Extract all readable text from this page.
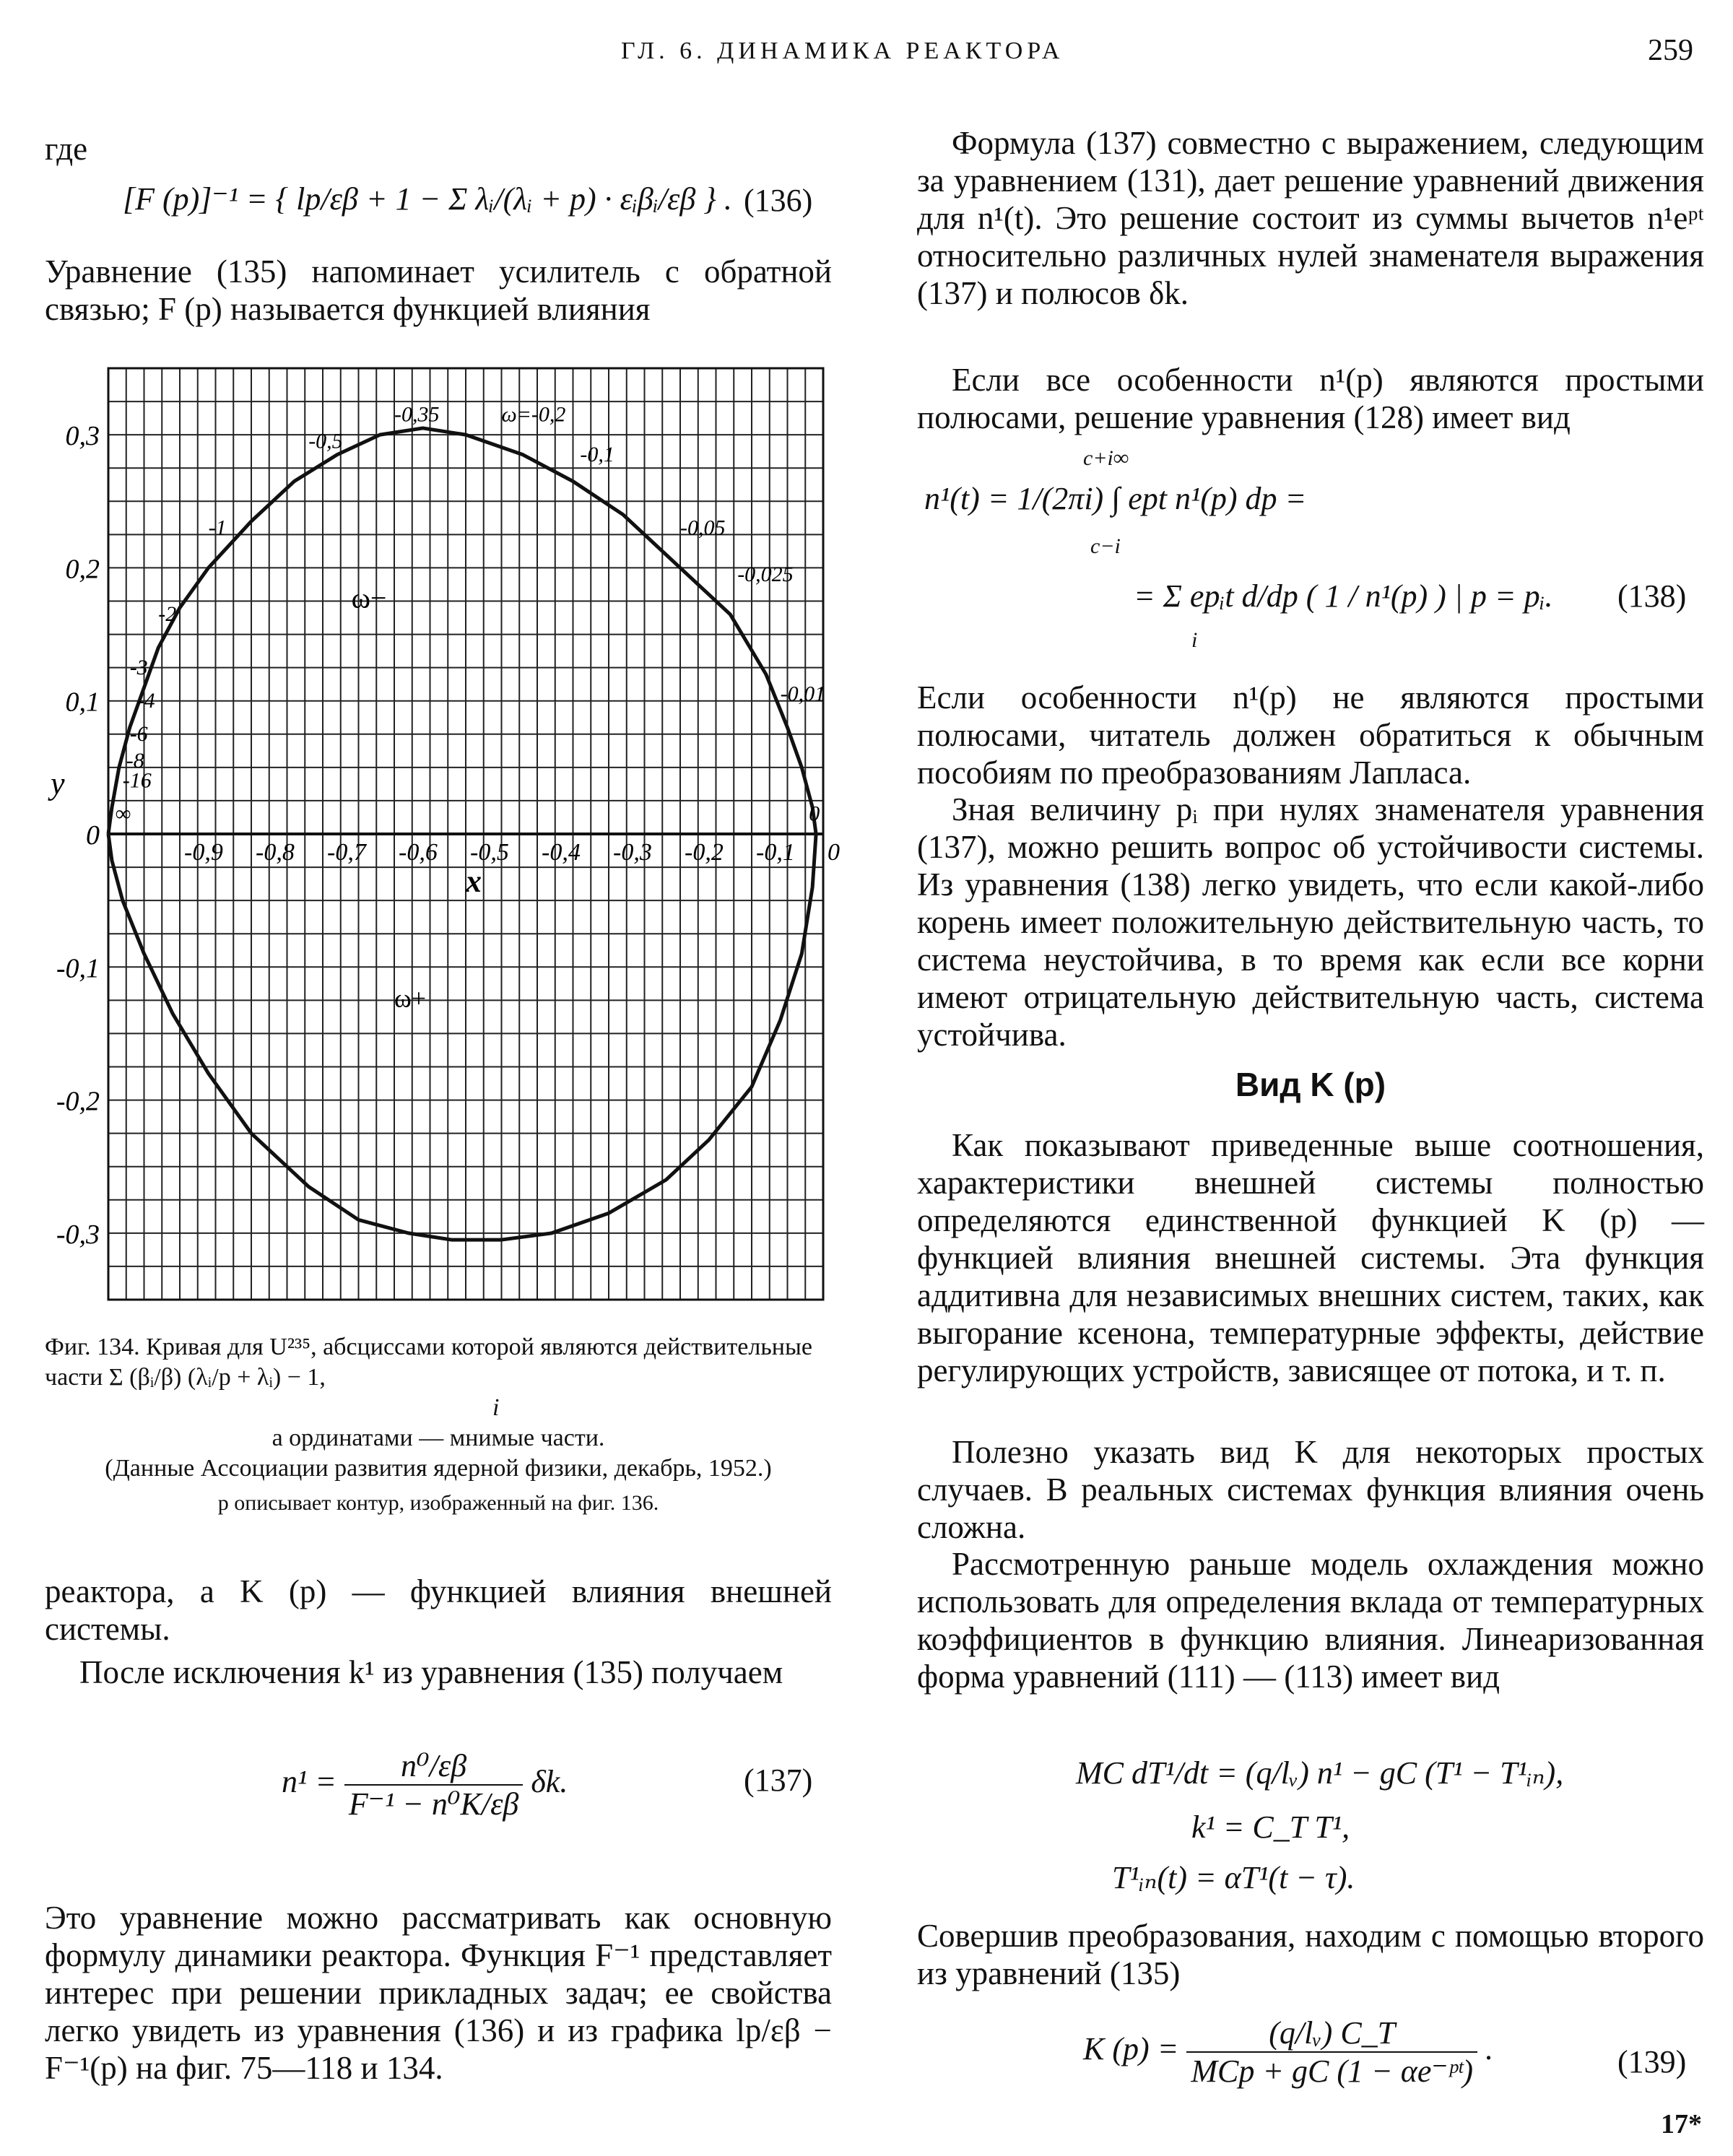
ГЛ. 6. ДИНАМИКА РЕАКТОРА	259

где

[F (p)]⁻¹ = { lp/εβ + 1 − Σ λᵢ/(λᵢ + p) · εᵢβᵢ/εβ } . (136)

Уравнение (135) напоминает усилитель с обратной связью; F (p) называется функцией влияния

0,3
0,2
0,1
0
-0,1
-0,2
-0,3
-0,9 -0,8 -0,7 -0,6 -0,5 -0,4 -0,3 -0,2 -0,1 0
-0,35	ω=-0,2
-0,5
-0,1
-1	-0,05
-0,025
-2
-0,01
-3
-4
-6
-8
-16
∞	0
x
y
ω−
ω+

Фиг. 134. Кривая для U²³⁵, абсциссами которой являются действительные части Σ (βᵢ/β) (λᵢ/p + λᵢ) − 1,

i

а ординатами — мнимые части.

(Данные Ассоциации развития ядерной физики, декабрь, 1952.)

p описывает контур, изображенный на фиг. 136.

реактора, а K (p) — функцией влияния внешней системы.

После исключения k¹ из уравнения (135) получаем

$n^1 = \frac{\text{n⁰/εβ}}{\text{F⁻¹ − n⁰K/εβ}} \delta k$.	(137)

Это уравнение можно рассматривать как основную формулу динамики реактора. Функция F⁻¹ представляет интерес при решении прикладных задач; ее свойства легко увидеть из уравнения (136) и из графика lp/εβ − F⁻¹(p) на фиг. 75—118 и 134.

Формула (137) совместно с выражением, следующим за уравнением (131), дает решение уравнений движения для n¹(t). Это решение состоит из суммы вычетов n¹eᵖᵗ относительно различных нулей знаменателя выражения (137) и полюсов δk.

Если все особенности n¹(p) являются простыми полюсами, решение уравнения (128) имеет вид

c+i∞
n¹(t) = 1/(2πi) ∫ ept n¹(p) dp =
c−i
= Σ epᵢt d/dp ( 1 / n¹(p) ) | p = pᵢ.
i
(138)

Если особенности n¹(p) не являются простыми полюсами, читатель должен обратиться к обычным пособиям по преобразованиям Лапласа.

Зная величину pᵢ при нулях знаменателя уравнения (137), можно решить вопрос об устойчивости системы. Из уравнения (138) легко увидеть, что если какой-либо корень имеет положительную действительную часть, то система неустойчива, в то время как если все корни имеют отрицательную действительную часть, система устойчива.

Вид K (p)

Как показывают приведенные выше соотношения, характеристики внешней системы полностью определяются единственной функцией K (p) — функцией влияния внешней системы. Эта функция аддитивна для независимых внешних систем, таких, как выгорание ксенона, температурные эффекты, действие регулирующих устройств, зависящее от потока, и т. п.

Полезно указать вид K для некоторых простых случаев. В реальных системах функция влияния очень сложна.

Рассмотренную раньше модель охлаждения можно использовать для определения вклада от температурных коэффициентов в функцию влияния. Линеаризованная форма уравнений (111) — (113) имеет вид

MC dT¹/dt = (q/lᵥ) n¹ − gC (T¹ − T¹ᵢₙ),
k¹ = C_T T¹,
T¹ᵢₙ(t) = αT¹(t − τ).

Совершив преобразования, находим с помощью второго из уравнений (135)

K $(p) = \frac{\text{(q/lᵥ) C\_T}}{\text{MCp + gC (1 − αe⁻ᵖᵗ)}}$ .	(139)
17*
